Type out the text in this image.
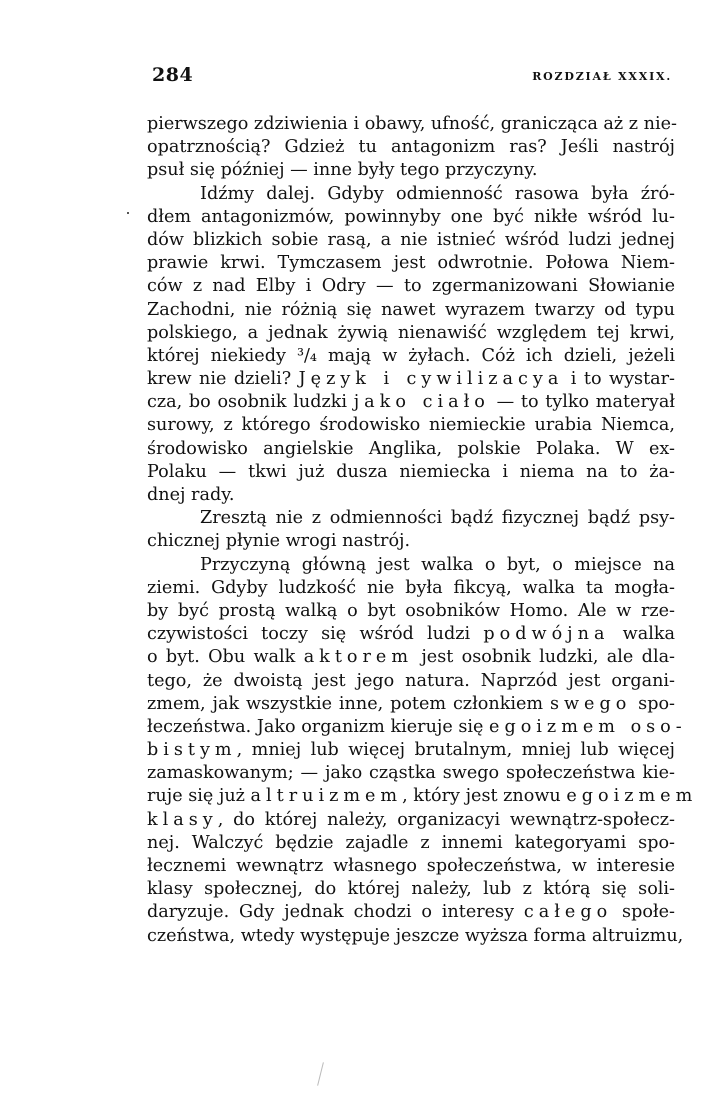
284	ROZDZIAŁ XXXIX.
pierwszego zdziwienia i obawy, ufność, granicząca aż z nie-
opatrznością? Gdzież tu antagonizm ras? Jeśli nastrój
psuł się później — inne były tego przyczyny.
Idźmy dalej. Gdyby odmienność rasowa była źró-
dłem antagonizmów, powinnyby one być nikłe wśród lu-
dów blizkich sobie rasą, a nie istnieć wśród ludzi jednej
prawie krwi. Tymczasem jest odwrotnie. Połowa Niem-
ców z nad Elby i Odry — to zgermanizowani Słowianie
Zachodni, nie różnią się nawet wyrazem twarzy od typu
polskiego, a jednak żywią nienawiść względem tej krwi,
której niekiedy ³/₄ mają w żyłach. Cóż ich dzieli, jeżeli
krew nie dzieli? Język i cywilizacya i to wystar-
cza, bo osobnik ludzki jako ciało — to tylko materyał
surowy, z którego środowisko niemieckie urabia Niemca,
środowisko angielskie Anglika, polskie Polaka. W ex-
Polaku — tkwi już dusza niemiecka i niema na to ża-
dnej rady.
Zresztą nie z odmienności bądź fizycznej bądź psy-
chicznej płynie wrogi nastrój.
Przyczyną główną jest walka o byt, o miejsce na
ziemi. Gdyby ludzkość nie była fikcyą, walka ta mogła-
by być prostą walką o byt osobników Homo. Ale w rze-
czywistości toczy się wśród ludzi podwójna walka
o byt. Obu walk aktorem jest osobnik ludzki, ale dla-
tego, że dwoistą jest jego natura. Naprzód jest organi-
zmem, jak wszystkie inne, potem członkiem swego spo-
łeczeństwa. Jako organizm kieruje się egoizmem oso-
bistym, mniej lub więcej brutalnym, mniej lub więcej
zamaskowanym; — jako cząstka swego społeczeństwa kie-
ruje się już altruizmem, który jest znowu egoizmem
klasy, do której należy, organizacyi wewnątrz-społecz-
nej. Walczyć będzie zajadle z innemi kategoryami spo-
łecznemi wewnątrz własnego społeczeństwa, w interesie
klasy społecznej, do której należy, lub z którą się soli-
daryzuje. Gdy jednak chodzi o interesy całego społe-
czeństwa, wtedy występuje jeszcze wyższa forma altruizmu,
